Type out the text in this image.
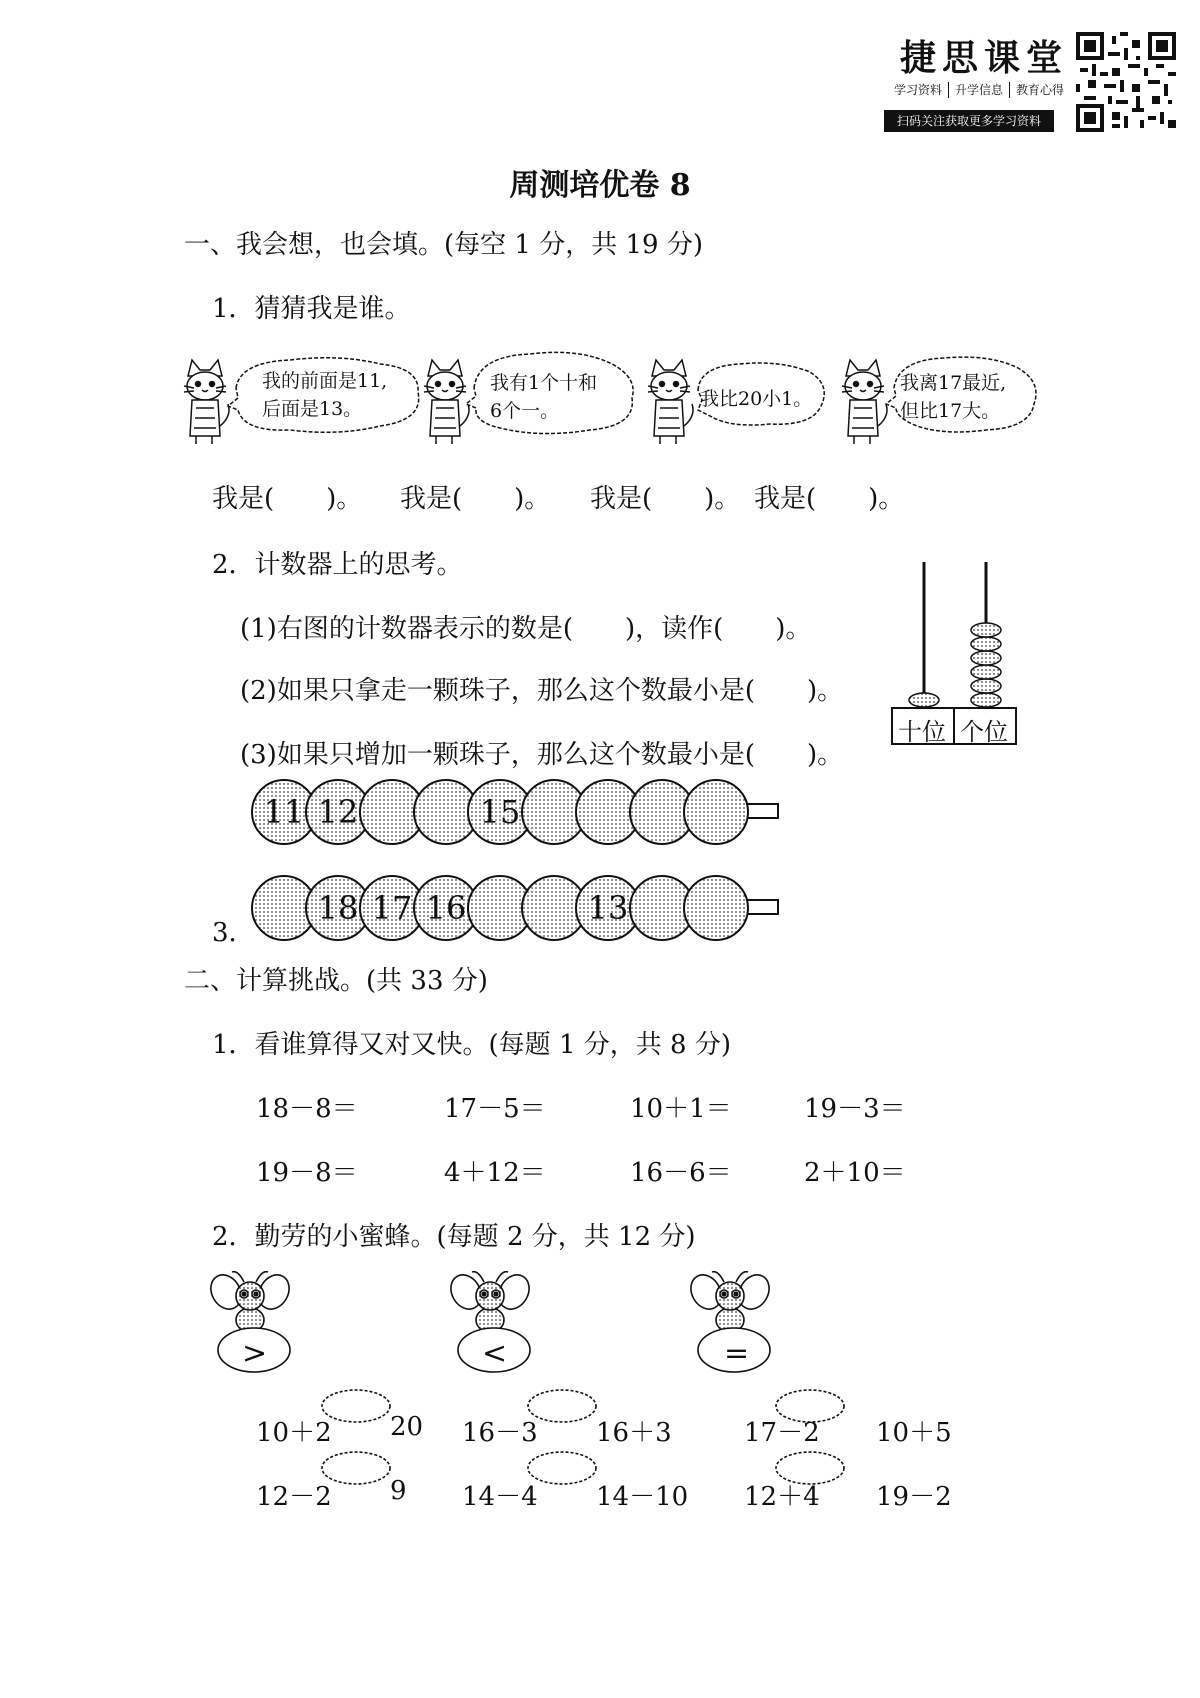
捷思课堂
学习资料	升学信息	教育心得
扫码关注获取更多学习资料
周测培优卷 8
一、我会想，也会填。(每空 1 分，共 19 分)
1．猜猜我是谁。
我的前面是11,
后面是13。
我有1个十和
6个一。
我比20小1。
我离17最近,
但比17大。
我是(　　)。 我是(　　)。 我是(　　)。 我是(　　)。
2．计数器上的思考。
(1)右图的计数器表示的数是(　　)，读作(　　)。
(2)如果只拿走一颗珠子，那么这个数最小是(　　)。
(3)如果只增加一颗珠子，那么这个数最小是(　　)。
十位 个位
11 12	15
18 17 16	13
3．
二、计算挑战。(共 33 分)
1．看谁算得又对又快。(每题 1 分，共 8 分)
18－8＝	17－5＝	10＋1＝	19－3＝
19－8＝	4＋12＝	16－6＝	2＋10＝
2．勤劳的小蜜蜂。(每题 2 分，共 12 分)
>	<	=
10＋2 20 16－3 16＋3	17－2 10＋5
12－2 9 14－4 14－10 12＋4 19－2
